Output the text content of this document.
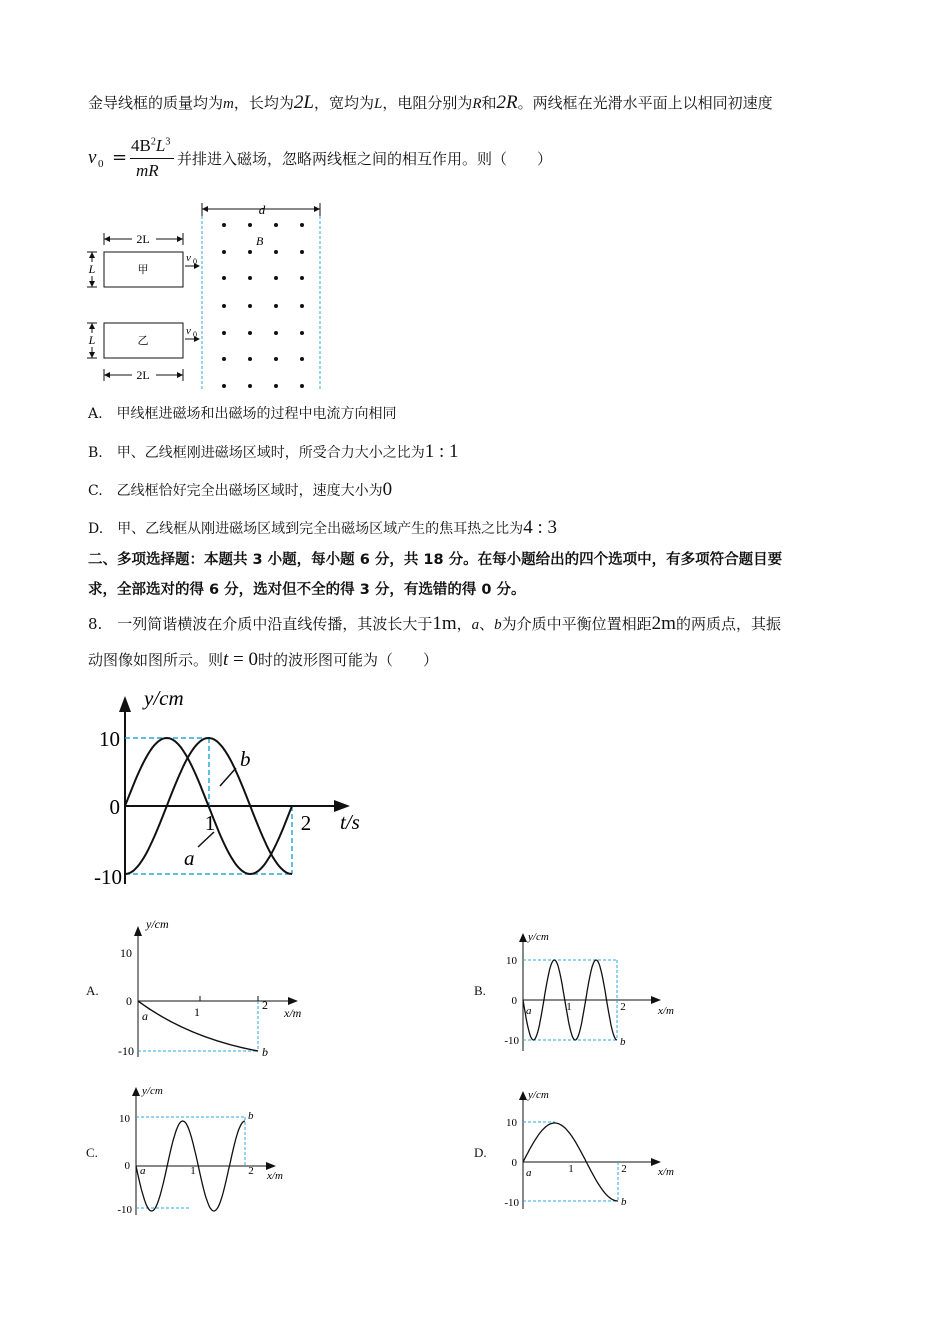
金导线框的质量均为m，长均为2L，宽均为L，电阻分别为R和2R。两线框在光滑水平面上以相同初速度
v 0 =
$4B^2L^3$
mR
并排进入磁场，忽略两线框之间的相互作用。则（　　）
d
B
2L
甲
L
v 0
乙
L
v 0
2L
A.　甲线框进磁场和出磁场的过程中电流方向相同
B.　甲、乙线框刚进磁场区域时，所受合力大小之比为1 : 1
C.　乙线框恰好完全出磁场区域时，速度大小为0
D.　甲、乙线框从刚进磁场区域到完全出磁场区域产生的焦耳热之比为4 : 3
二、多项选择题：本题共 3 小题，每小题 6 分，共 18 分。在每小题给出的四个选项中，有多项符合题目要
求，全部选对的得 6 分，选对但不全的得 3 分，有选错的得 0 分。
8.　一列简谐横波在介质中沿直线传播，其波长大于1m，a、b为介质中平衡位置相距2m的两质点，其振
动图像如图所示。则t = 0时的波形图可能为（　　）
y/cm
t/s
10
0
-10
1	2
b
a
A.
y/cm
x/m
10
0
-10
1	2
a
b
B.
y/cm
x/m
10
0
-10
1	2
a
b
C.
y/cm
x/m
10
0
-10
1	2
a
b
D.
y/cm
x/m
10
0
-10
1	2
a
b
